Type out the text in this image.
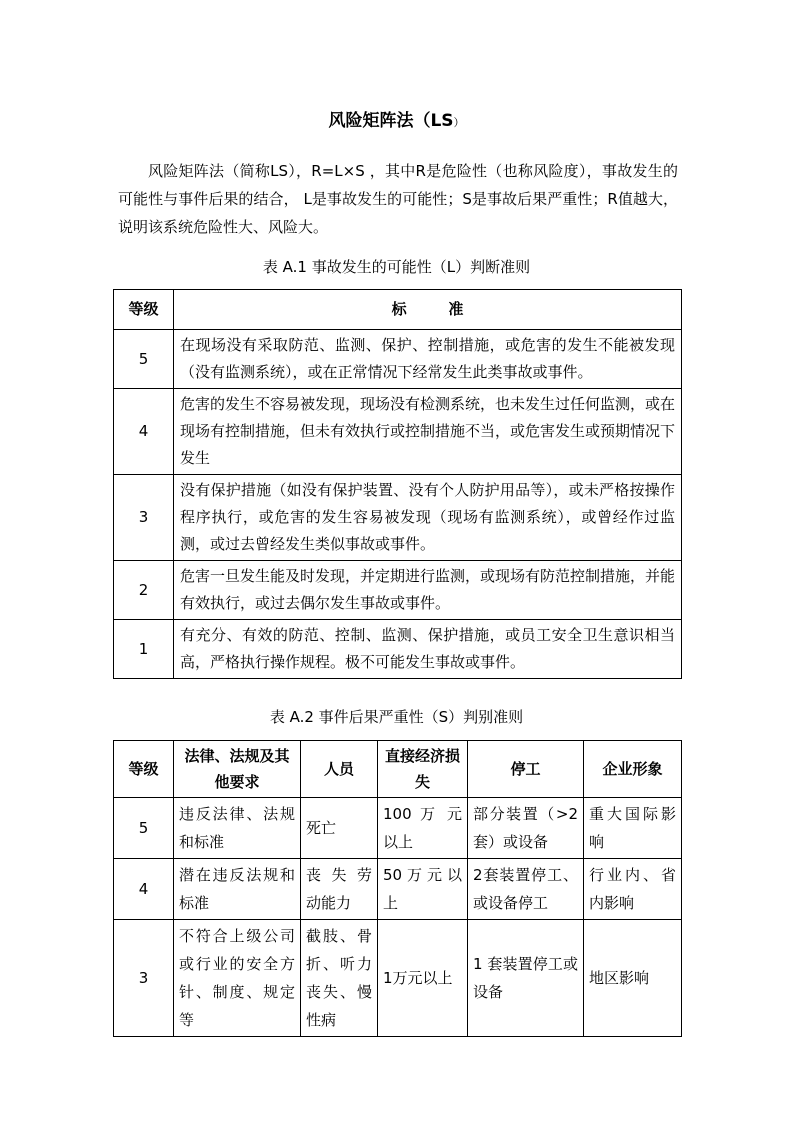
风险矩阵法（LS）

风险矩阵法（简称LS），R=L×S ，其中R是危险性（也称风险度），事故发生的可能性与事件后果的结合， L是事故发生的可能性；S是事故后果严重性；R值越大，说明该系统危险性大、风险大。

表 A.1 事故发生的可能性（L）判断准则
等级	标        准
5	在现场没有采取防范、监测、保护、控制措施，或危害的发生不能被发现（没有监测系统），或在正常情况下经常发生此类事故或事件。
4	危害的发生不容易被发现，现场没有检测系统，也未发生过任何监测，或在现场有控制措施，但未有效执行或控制措施不当，或危害发生或预期情况下发生
3	没有保护措施（如没有保护装置、没有个人防护用品等），或未严格按操作程序执行，或危害的发生容易被发现（现场有监测系统），或曾经作过监测，或过去曾经发生类似事故或事件。
2	危害一旦发生能及时发现，并定期进行监测，或现场有防范控制措施，并能有效执行，或过去偶尔发生事故或事件。
1	有充分、有效的防范、控制、监测、保护措施，或员工安全卫生意识相当高，严格执行操作规程。极不可能发生事故或事件。
表 A.2 事件后果严重性（S）判别准则
等级	法律、法规及其他要求	人员	直接经济损失	停工	企业形象
5	违反法律、法规和标准	死亡	100 万 元以上	部分装置（>2套）或设备	重大国际影响
4	潜在违反法规和标准	丧 失 劳动能力	50万元以上	2套装置停工、或设备停工	行业内、省内影响
3	不符合上级公司或行业的安全方针、制度、规定等	截肢、骨折、听力丧失、慢性病	1万元以上	1 套装置停工或设备	地区影响
